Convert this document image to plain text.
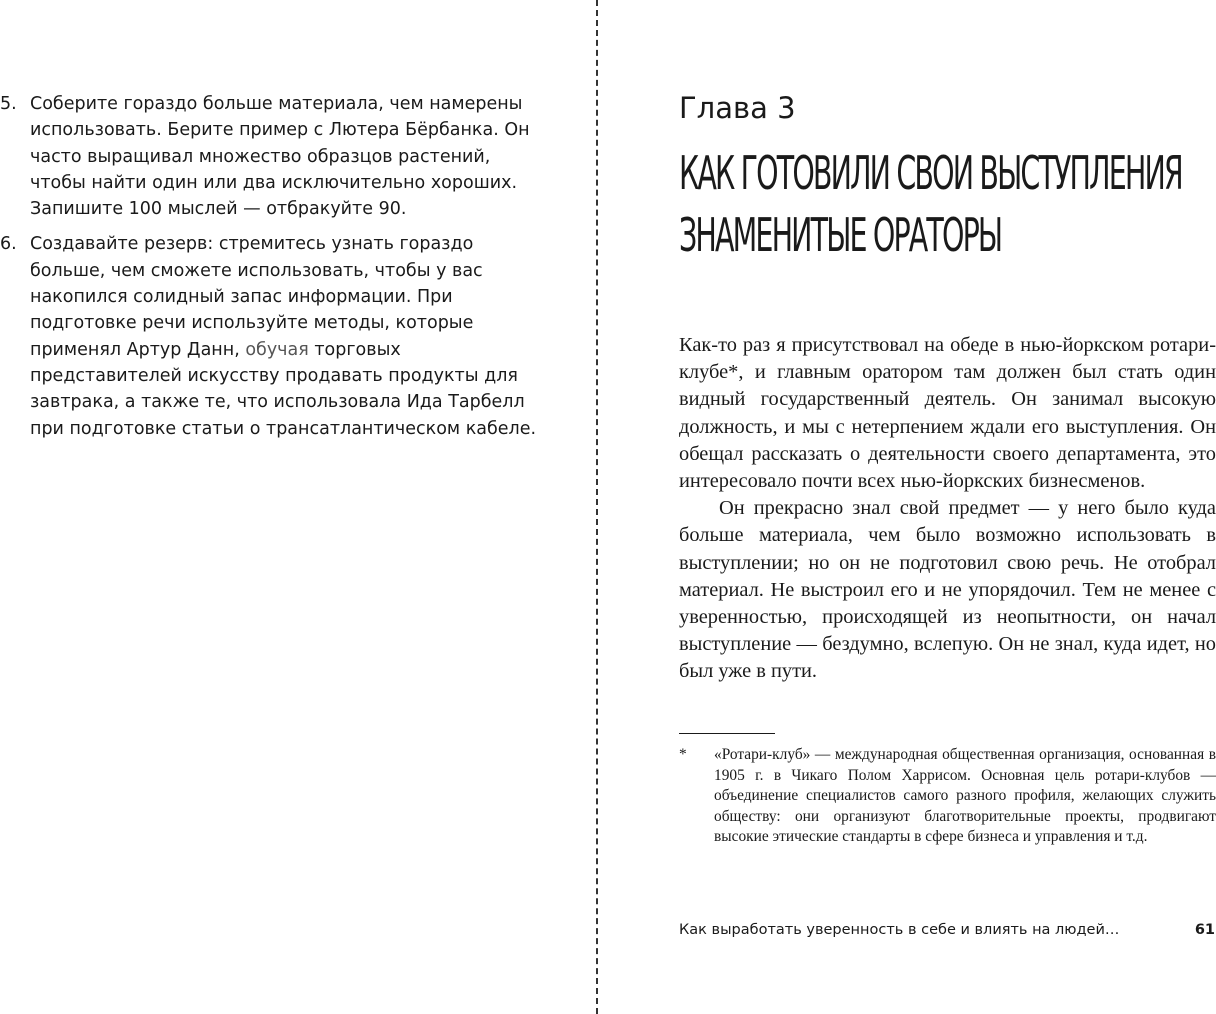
5. Соберите гораздо больше материала, чем намерены использовать. Берите пример с Лютера Бёрбанка. Он часто выращивал множество образцов растений, чтобы найти один или два исключительно хороших. Запишите 100 мыслей — отбракуйте 90.
6. Создавайте резерв: стремитесь узнать гораздо больше, чем сможете использовать, чтобы у вас накопился солидный запас информации. При подготовке речи используйте методы, которые применял Артур Данн, обучая торговых представителей искусству продавать продукты для завтрака, а также те, что использовала Ида Тарбелл при подготовке статьи о трансатлантическом кабеле.
Глава 3
КАК ГОТОВИЛИ СВОИ ВЫСТУПЛЕНИЯ
ЗНАМЕНИТЫЕ ОРАТОРЫ

Как-то раз я присутствовал на обеде в нью-йоркском ротари-клубе*, и главным оратором там должен был стать один видный государственный деятель. Он занимал высокую должность, и мы с нетерпением ждали его выступления. Он обещал рассказать о деятельности своего департамента, это интересовало почти всех нью-йоркских бизнесменов.

Он прекрасно знал свой предмет — у него было куда больше материала, чем было возможно использовать в выступлении; но он не подготовил свою речь. Не отобрал материал. Не выстроил его и не упорядочил. Тем не менее с уверенностью, происходящей из неопытности, он начал выступление — бездумно, вслепую. Он не знал, куда идет, но был уже в пути.

*	«Ротари-клуб» — международная общественная организация, основанная в 1905 г. в Чикаго Полом Харрисом. Основная цель ротари-клубов — объединение специалистов самого разного профиля, желающих служить обществу: они организуют благотворительные проекты, продвигают высокие этические стандарты в сфере бизнеса и управления и т.д.
Как выработать уверенность в себе и влиять на людей…	61
